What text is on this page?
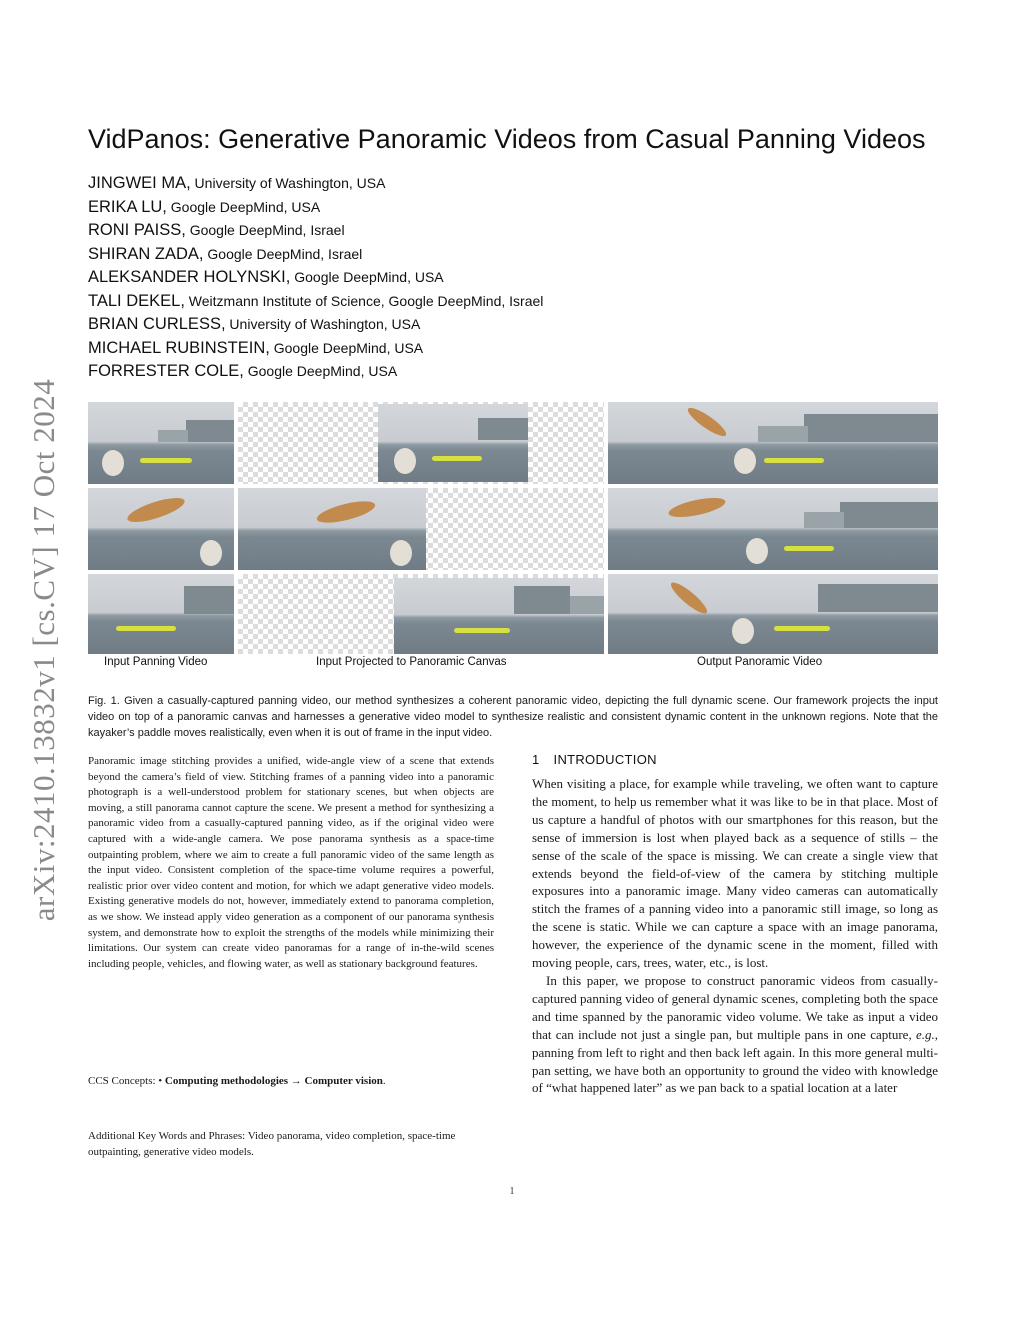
arXiv:2410.13832v1 [cs.CV] 17 Oct 2024
VidPanos: Generative Panoramic Videos from Casual Panning Videos
JINGWEI MA, University of Washington, USA
ERIKA LU, Google DeepMind, USA
RONI PAISS, Google DeepMind, Israel
SHIRAN ZADA, Google DeepMind, Israel
ALEKSANDER HOLYNSKI, Google DeepMind, USA
TALI DEKEL, Weitzmann Institute of Science, Google DeepMind, Israel
BRIAN CURLESS, University of Washington, USA
MICHAEL RUBINSTEIN, Google DeepMind, USA
FORRESTER COLE, Google DeepMind, USA
Input Panning Video	Input Projected to Panoramic Canvas	Output Panoramic Video

Fig. 1. Given a casually-captured panning video, our method synthesizes a coherent panoramic video, depicting the full dynamic scene. Our framework projects the input video on top of a panoramic canvas and harnesses a generative video model to synthesize realistic and consistent dynamic content in the unknown regions. Note that the kayaker’s paddle moves realistically, even when it is out of frame in the input video.

Panoramic image stitching provides a unified, wide-angle view of a scene that extends beyond the camera’s field of view. Stitching frames of a panning video into a panoramic photograph is a well-understood problem for stationary scenes, but when objects are moving, a still panorama cannot capture the scene. We present a method for synthesizing a panoramic video from a casually-captured panning video, as if the original video were captured with a wide-angle camera. We pose panorama synthesis as a space-time outpainting problem, where we aim to create a full panoramic video of the same length as the input video. Consistent completion of the space-time volume requires a powerful, realistic prior over video content and motion, for which we adapt generative video models. Existing generative models do not, however, immediately extend to panorama completion, as we show. We instead apply video generation as a component of our panorama synthesis system, and demonstrate how to exploit the strengths of the models while minimizing their limitations. Our system can create video panoramas for a range of in-the-wild scenes including people, vehicles, and flowing water, as well as stationary background features.

CCS Concepts: • Computing methodologies → Computer vision.

Additional Key Words and Phrases: Video panorama, video completion, space-time outpainting, generative video models.

1 INTRODUCTION

When visiting a place, for example while traveling, we often want to capture the moment, to help us remember what it was like to be in that place. Most of us capture a handful of photos with our smartphones for this reason, but the sense of immersion is lost when played back as a sequence of stills – the sense of the scale of the space is missing. We can create a single view that extends beyond the field-of-view of the camera by stitching multiple exposures into a panoramic image. Many video cameras can automatically stitch the frames of a panning video into a panoramic still image, so long as the scene is static. While we can capture a space with an image panorama, however, the experience of the dynamic scene in the moment, filled with moving people, cars, trees, water, etc., is lost.

In this paper, we propose to construct panoramic videos from casually-captured panning video of general dynamic scenes, completing both the space and time spanned by the panoramic video volume. We take as input a video that can include not just a single pan, but multiple pans in one capture, e.g., panning from left to right and then back left again. In this more general multi-pan setting, we have both an opportunity to ground the video with knowledge of “what happened later” as we pan back to a spatial location at a later

1
